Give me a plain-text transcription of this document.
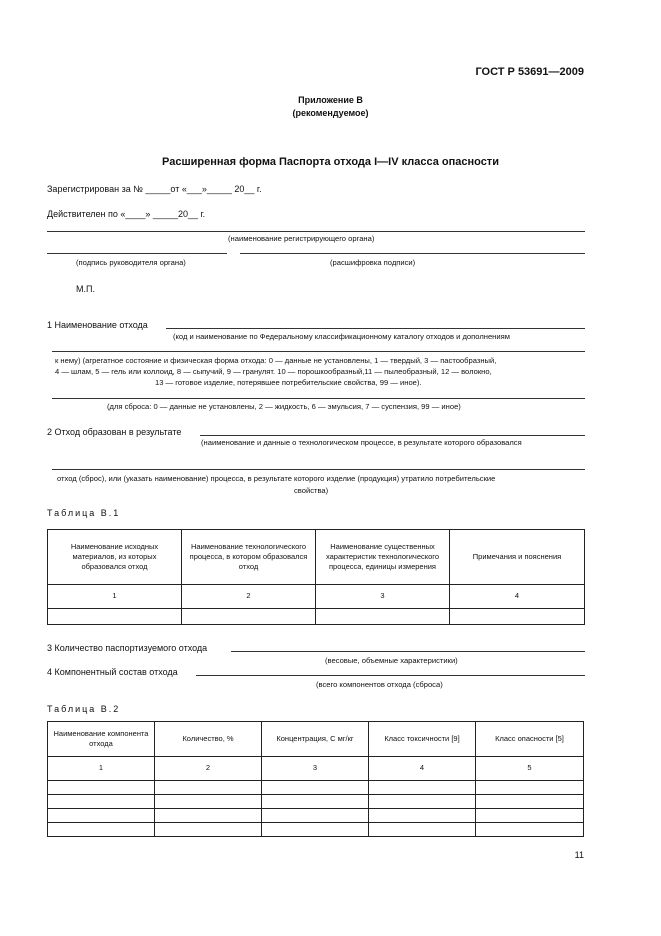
ГОСТ Р 53691—2009
Приложение В
(рекомендуемое)
Расширенная форма Паспорта отхода I—IV класса опасности
Зарегистрирован за № _____от «___»_____ 20__ г.
Действителен по «____» _____20__ г.
(наименование регистрирующего органа)
(подпись руководителя органа)	(расшифровка подписи)
М.П.
1 Наименование отхода
(код и наименование по Федеральному классификационному каталогу отходов и дополнениям
к нему) (агрегатное состояние и физическая форма отхода: 0 — данные не установлены, 1 — твердый, 3 — пастообразный,
4 — шлам, 5 — гель или коллоид, 8 — сыпучий, 9 — гранулят. 10 — порошкообразный,11 — пылеобразный, 12 — волокно,
13 — готовое изделие, потерявшее потребительские свойства, 99 — иное).
(для сброса: 0 — данные не установлены, 2 — жидкость, 6 — эмульсия, 7 — суспензия, 99 — иное)
2 Отход образован в результате
(наименование и данные о технологическом процессе, в результате которого образовался
отход (сброс), или (указать наименование) процесса, в результате которого изделие (продукция) утратило потребительские
свойства)
Таблица В.1
Наименование исходных материалов, из которых образовался отход	Наименование технологического процесса, в котором образовался отход	Наименование существенных характеристик технологического процесса, единицы измерения	Примечания и пояснения
1	2	3	4

3 Количество паспортизуемого отхода
(весовые, объемные характеристики)
4 Компонентный состав отхода
(всего компонентов отхода (сброса)
Таблица В.2
Наименование компонента отхода	Количество, %	Концентрация, С мг/кг	Класс токсичности [9]	Класс опасности [5]
1	2	3	4	5

11
